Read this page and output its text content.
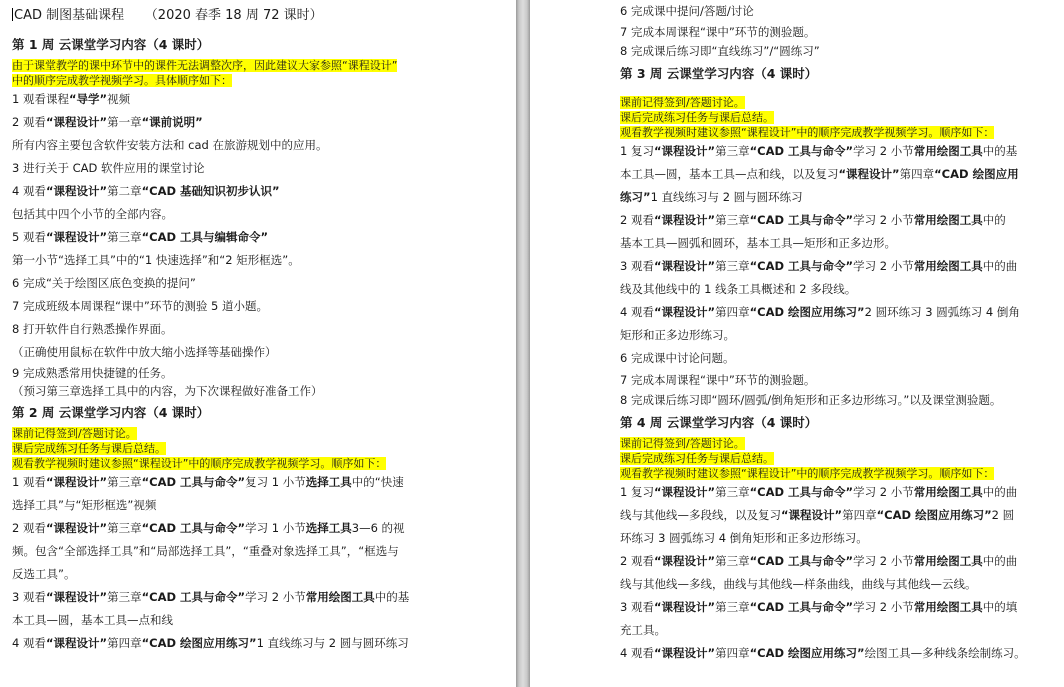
CAD 制图基础课程 （2020 春季 18 周 72 课时）
第 1 周 云课堂学习内容（4 课时）
由于课堂教学的课中环节中的课件无法调整次序，因此建议大家参照“课程设计”
中的顺序完成教学视频学习。具体顺序如下：
1 观看课程“导学”视频
2 观看“课程设计”第一章“课前说明”
所有内容主要包含软件安装方法和 cad 在旅游规划中的应用。
3 进行关于 CAD 软件应用的课堂讨论
4 观看“课程设计”第二章“CAD 基础知识初步认识”
包括其中四个小节的全部内容。
5 观看“课程设计”第三章“CAD 工具与编辑命令”
第一小节“选择工具”中的“1 快速选择”和“2 矩形框选”。
6 完成“关于绘图区底色变换的提问”
7 完成班级本周课程“课中”环节的测验 5 道小题。
8 打开软件自行熟悉操作界面。
（正确使用鼠标在软件中放大缩小选择等基础操作）
9 完成熟悉常用快捷键的任务。
（预习第三章选择工具中的内容，为下次课程做好准备工作）
第 2 周 云课堂学习内容（4 课时）
课前记得签到/答题讨论。
课后完成练习任务与课后总结。
观看教学视频时建议参照“课程设计”中的顺序完成教学视频学习。顺序如下：
1 观看“课程设计”第三章“CAD 工具与命令”复习 1 小节选择工具中的“快速
选择工具”与“矩形框选”视频
2 观看“课程设计”第三章“CAD 工具与命令”学习 1 小节选择工具3—6 的视
频。包含“全部选择工具”和“局部选择工具”，“重叠对象选择工具”，“框选与
反选工具”。
3 观看“课程设计”第三章“CAD 工具与命令”学习 2 小节常用绘图工具中的基
本工具—圆，基本工具—点和线
4 观看“课程设计”第四章“CAD 绘图应用练习”1 直线练习与 2 圆与圆环练习
6 完成课中提问/答题/讨论
7 完成本周课程“课中”环节的测验题。
8 完成课后练习即“直线练习”/“圆练习”
第 3 周 云课堂学习内容（4 课时）
课前记得签到/答题讨论。
课后完成练习任务与课后总结。
观看教学视频时建议参照“课程设计”中的顺序完成教学视频学习。顺序如下：
1 复习“课程设计”第三章“CAD 工具与命令”学习 2 小节常用绘图工具中的基
本工具—圆，基本工具—点和线，以及复习“课程设计”第四章“CAD 绘图应用
练习”1 直线练习与 2 圆与圆环练习
2 观看“课程设计”第三章“CAD 工具与命令”学习 2 小节常用绘图工具中的
基本工具—圆弧和圆环，基本工具—矩形和正多边形。
3 观看“课程设计”第三章“CAD 工具与命令”学习 2 小节常用绘图工具中的曲
线及其他线中的 1 线条工具概述和 2 多段线。
4 观看“课程设计”第四章“CAD 绘图应用练习”2 圆环练习 3 圆弧练习 4 倒角
矩形和正多边形练习。
6 完成课中讨论问题。
7 完成本周课程“课中”环节的测验题。
8 完成课后练习即“圆环/圆弧/倒角矩形和正多边形练习。”以及课堂测验题。
第 4 周 云课堂学习内容（4 课时）
课前记得签到/答题讨论。
课后完成练习任务与课后总结。
观看教学视频时建议参照“课程设计”中的顺序完成教学视频学习。顺序如下：
1 复习“课程设计”第三章“CAD 工具与命令”学习 2 小节常用绘图工具中的曲
线与其他线—多段线，以及复习“课程设计”第四章“CAD 绘图应用练习”2 圆
环练习 3 圆弧练习 4 倒角矩形和正多边形练习。
2 观看“课程设计”第三章“CAD 工具与命令”学习 2 小节常用绘图工具中的曲
线与其他线—多线，曲线与其他线—样条曲线，曲线与其他线—云线。
3 观看“课程设计”第三章“CAD 工具与命令”学习 2 小节常用绘图工具中的填
充工具。
4 观看“课程设计”第四章“CAD 绘图应用练习”绘图工具—多种线条绘制练习。
